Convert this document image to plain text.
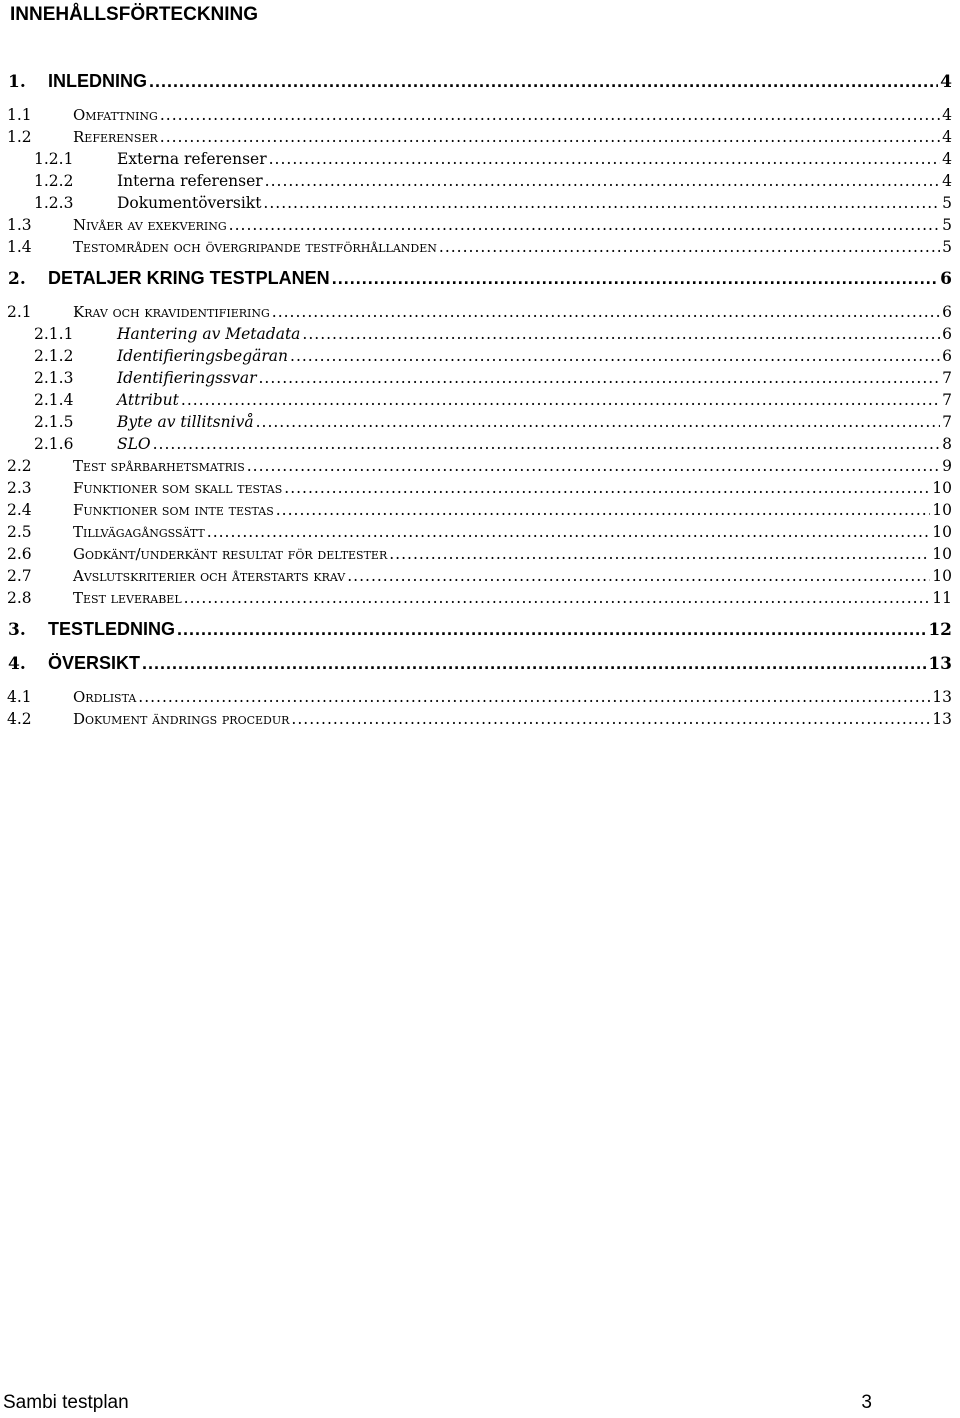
INNEHÅLLSFÖRTECKNING
1.	INLEDNING .....	4
1.1	Omfattning .....	4
1.2	Referenser .....	4
1.2.1	Externa referenser .....	4
1.2.2	Interna referenser .....	4
1.2.3	Dokumentöversikt .....	5
1.3	Nivåer av exekvering .....	5
1.4	Testområden och övergripande testförhållanden .....	5
2.	DETALJER KRING TESTPLANEN .....	6
2.1	Krav och kravidentifiering .....	6
2.1.1	Hantering av Metadata .....	6
2.1.2	Identifieringsbegäran .....	6
2.1.3	Identifieringssvar .....	7
2.1.4	Attribut .....	7
2.1.5	Byte av tillitsnivå .....	7
2.1.6	SLO .....	8
2.2	Test spårbarhetsmatris .....	9
2.3	Funktioner som skall testas .....	10
2.4	Funktioner som inte testas .....	10
2.5	Tillvägagångssätt .....	10
2.6	Godkänt/underkänt resultat för deltester .....	10
2.7	Avslutskriterier och återstarts krav .....	10
2.8	Test leverabel .....	11
3.	TESTLEDNING .....	12
4.	ÖVERSIKT .....	13
4.1	Ordlista .....	13
4.2	Dokument ändrings procedur .....	13
Sambi testplan	3
